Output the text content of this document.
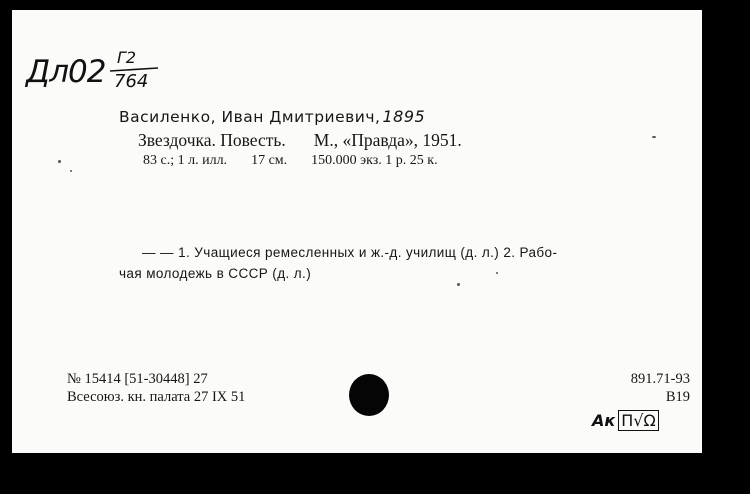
Дл02 Г2
764
Василенко, Иван Дмитриевич, 1895
Звездочка. Повесть. М., «Правда», 1951.
83 с.; 1 л. илл. 17 см. 150.000 экз. 1 р. 25 к.
— — 1. Учащиеся ремесленных и ж.-д. училищ (д. л.) 2. Рабо-
чая молодежь в СССР (д. л.)
№ 15414 [51-30448] 27
Всесоюз. кн. палата 27 IX 51
891.71-93
В19
Ак Π√Ω
